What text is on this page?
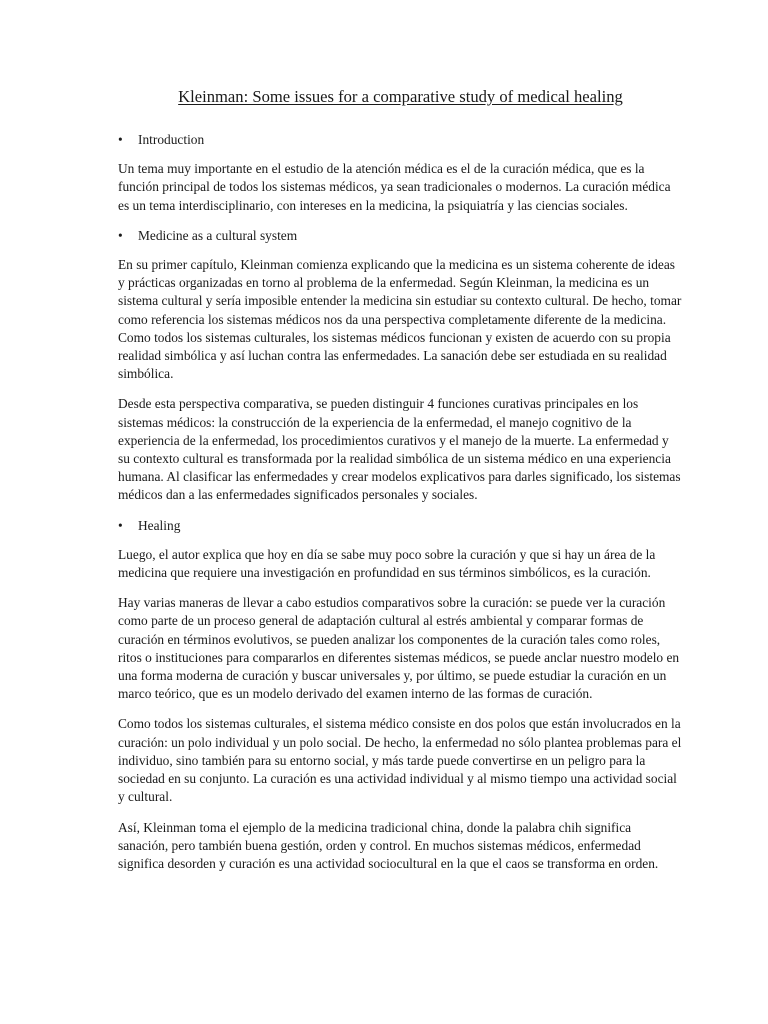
Kleinman: Some issues for a comparative study of medical healing
• Introduction

Un tema muy importante en el estudio de la atención médica es el de la curación médica, que es la función principal de todos los sistemas médicos, ya sean tradicionales o modernos. La curación médica es un tema interdisciplinario, con intereses en la medicina, la psiquiatría y las ciencias sociales.

• Medicine as a cultural system

En su primer capítulo, Kleinman comienza explicando que la medicina es un sistema coherente de ideas y prácticas organizadas en torno al problema de la enfermedad. Según Kleinman, la medicina es un sistema cultural y sería imposible entender la medicina sin estudiar su contexto cultural. De hecho, tomar como referencia los sistemas médicos nos da una perspectiva completamente diferente de la medicina. Como todos los sistemas culturales, los sistemas médicos funcionan y existen de acuerdo con su propia realidad simbólica y así luchan contra las enfermedades. La sanación debe ser estudiada en su realidad simbólica.

Desde esta perspectiva comparativa, se pueden distinguir 4 funciones curativas principales en los sistemas médicos: la construcción de la experiencia de la enfermedad, el manejo cognitivo de la experiencia de la enfermedad, los procedimientos curativos y el manejo de la muerte. La enfermedad y su contexto cultural es transformada por la realidad simbólica de un sistema médico en una experiencia humana. Al clasificar las enfermedades y crear modelos explicativos para darles significado, los sistemas médicos dan a las enfermedades significados personales y sociales.

• Healing

Luego, el autor explica que hoy en día se sabe muy poco sobre la curación y que si hay un área de la medicina que requiere una investigación en profundidad en sus términos simbólicos, es la curación.

Hay varias maneras de llevar a cabo estudios comparativos sobre la curación: se puede ver la curación como parte de un proceso general de adaptación cultural al estrés ambiental y comparar formas de curación en términos evolutivos, se pueden analizar los componentes de la curación tales como roles, ritos o instituciones para compararlos en diferentes sistemas médicos, se puede anclar nuestro modelo en una forma moderna de curación y buscar universales y, por último, se puede estudiar la curación en un marco teórico, que es un modelo derivado del examen interno de las formas de curación.

Como todos los sistemas culturales, el sistema médico consiste en dos polos que están involucrados en la curación: un polo individual y un polo social. De hecho, la enfermedad no sólo plantea problemas para el individuo, sino también para su entorno social, y más tarde puede convertirse en un peligro para la sociedad en su conjunto. La curación es una actividad individual y al mismo tiempo una actividad social y cultural.

Así, Kleinman toma el ejemplo de la medicina tradicional china, donde la palabra chih significa sanación, pero también buena gestión, orden y control. En muchos sistemas médicos, enfermedad significa desorden y curación es una actividad sociocultural en la que el caos se transforma en orden.
